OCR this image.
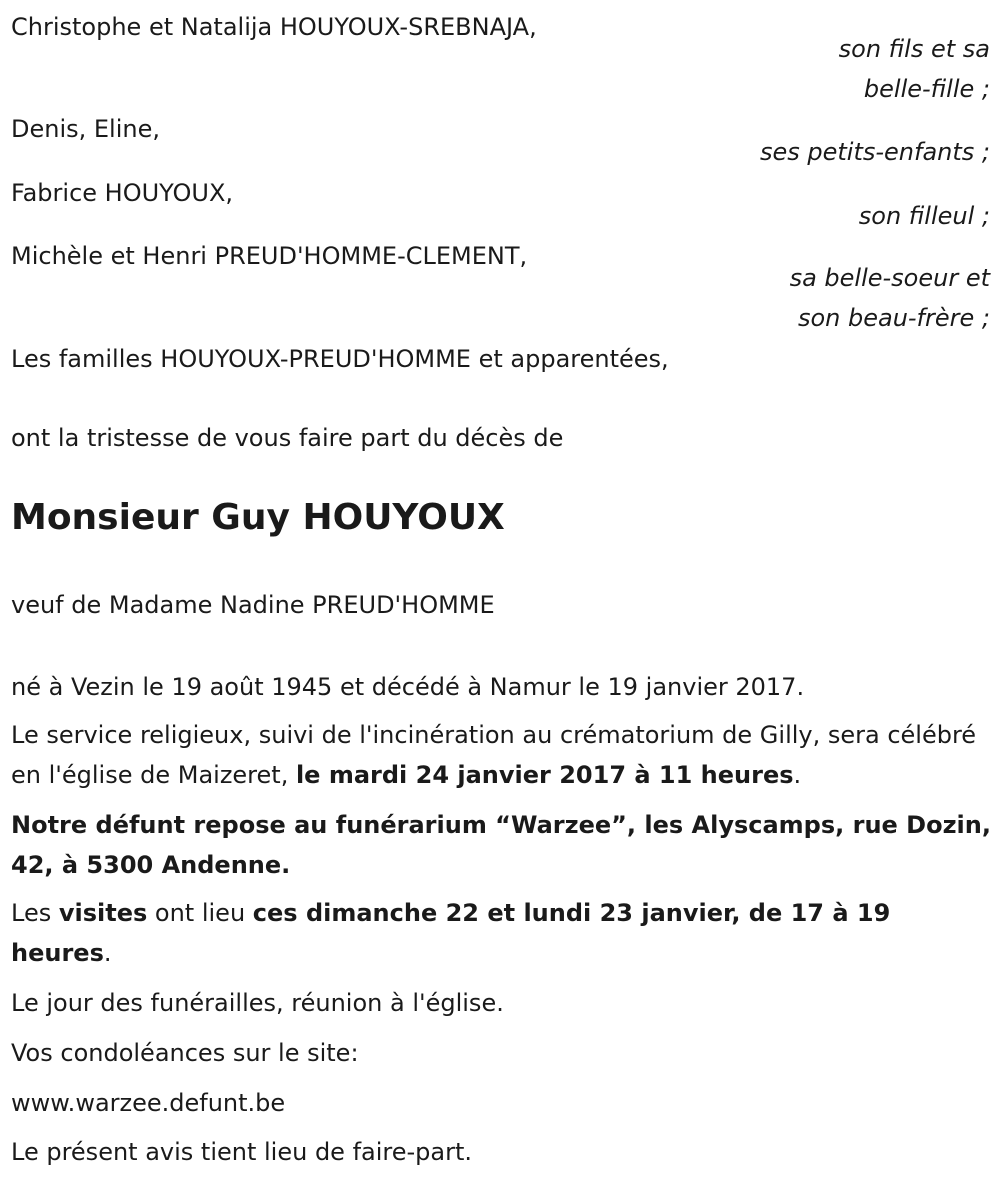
Christophe et Natalija HOUYOUX-SREBNAJA,
son fils et sa
belle-fille ;
Denis, Eline,
ses petits-enfants ;
Fabrice HOUYOUX,
son filleul ;
Michèle et Henri PREUD'HOMME-CLEMENT,
sa belle-soeur et
son beau-frère ;
Les familles HOUYOUX-PREUD'HOMME et apparentées,
ont la tristesse de vous faire part du décès de
Monsieur Guy HOUYOUX
veuf de Madame Nadine PREUD'HOMME
né à Vezin le 19 août 1945 et décédé à Namur le 19 janvier 2017.
Le service religieux, suivi de l'incinération au crématorium de Gilly, sera célébré en l'église de Maizeret, le mardi 24 janvier 2017 à 11 heures.
Notre défunt repose au funérarium “Warzee”, les Alyscamps, rue Dozin, 42, à 5300 Andenne.
Les visites ont lieu ces dimanche 22 et lundi 23 janvier, de 17 à 19 heures.
Le jour des funérailles, réunion à l'église.
Vos condoléances sur le site:
www.warzee.defunt.be
Le présent avis tient lieu de faire-part.
